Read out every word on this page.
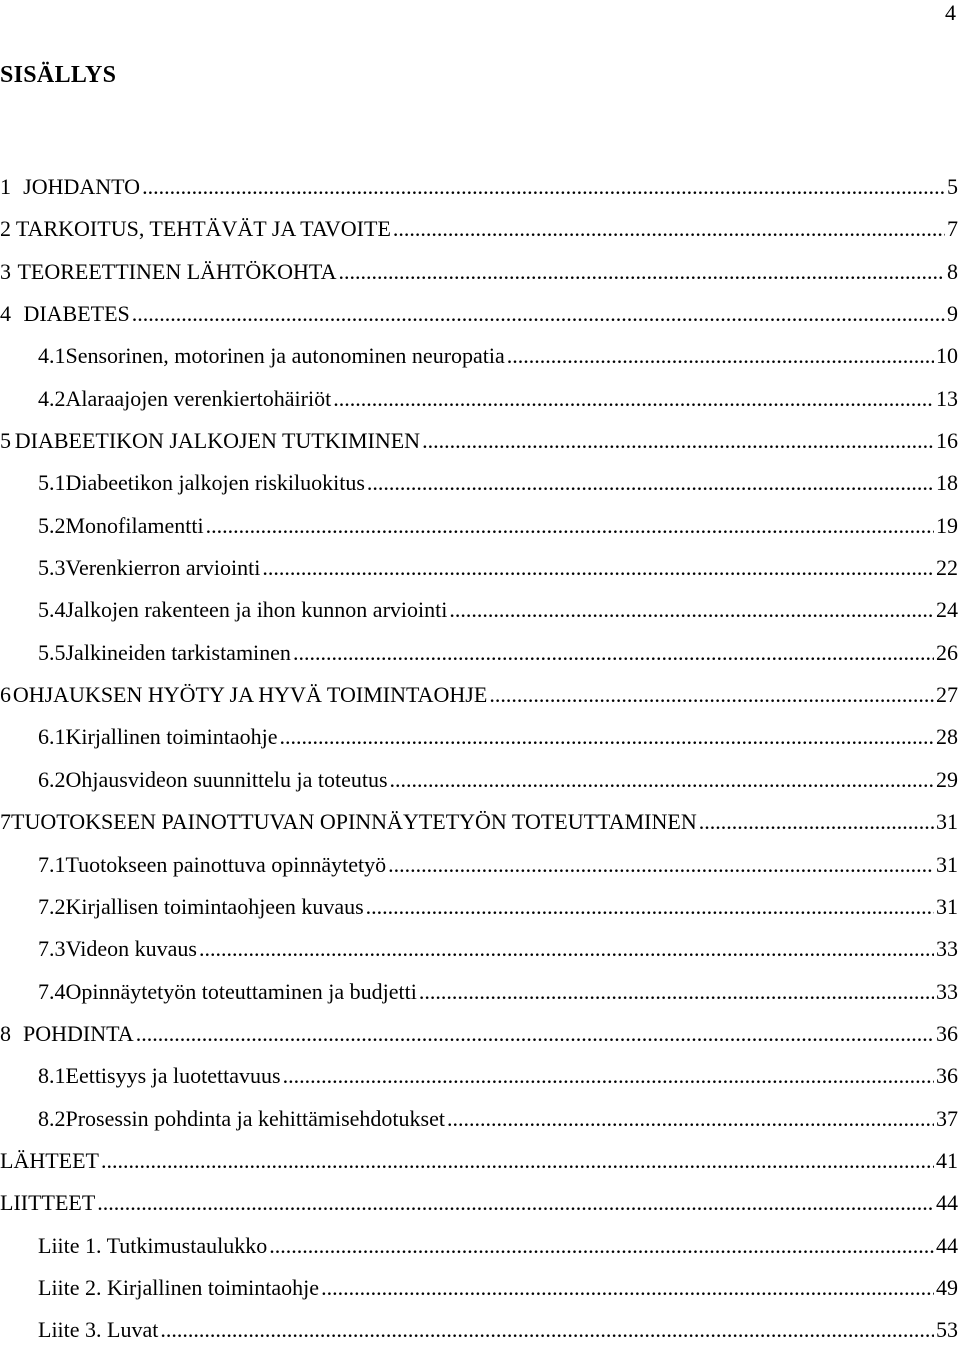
4
SISÄLLYS
1 JOHDANTO .....	5
2 TARKOITUS, TEHTÄVÄT JA TAVOITE .....	7
3 TEOREETTINEN LÄHTÖKOHTA .....	8
4 DIABETES .....	9
4.1 Sensorinen, motorinen ja autonominen neuropatia .....	10
4.2 Alaraajojen verenkiertohäiriöt .....	13
5 DIABEETIKON JALKOJEN TUTKIMINEN .....	16
5.1 Diabeetikon jalkojen riskiluokitus .....	18
5.2 Monofilamentti .....	19
5.3 Verenkierron arviointi .....	22
5.4 Jalkojen rakenteen ja ihon kunnon arviointi .....	24
5.5 Jalkineiden tarkistaminen .....	26
6 OHJAUKSEN HYÖTY JA HYVÄ TOIMINTAOHJE .....	27
6.1 Kirjallinen toimintaohje .....	28
6.2 Ohjausvideon suunnittelu ja toteutus .....	29
7 TUOTOKSEEN PAINOTTUVAN OPINNÄYTETYÖN TOTEUTTAMINEN .....	31
7.1 Tuotokseen painottuva opinnäytetyö .....	31
7.2 Kirjallisen toimintaohjeen kuvaus .....	31
7.3 Videon kuvaus .....	33
7.4 Opinnäytetyön toteuttaminen ja budjetti .....	33
8 POHDINTA .....	36
8.1 Eettisyys ja luotettavuus .....	36
8.2 Prosessin pohdinta ja kehittämisehdotukset .....	37
LÄHTEET .....	41
LIITTEET .....	44
Liite 1. Tutkimustaulukko .....	44
Liite 2. Kirjallinen toimintaohje .....	49
Liite 3. Luvat .....	53
